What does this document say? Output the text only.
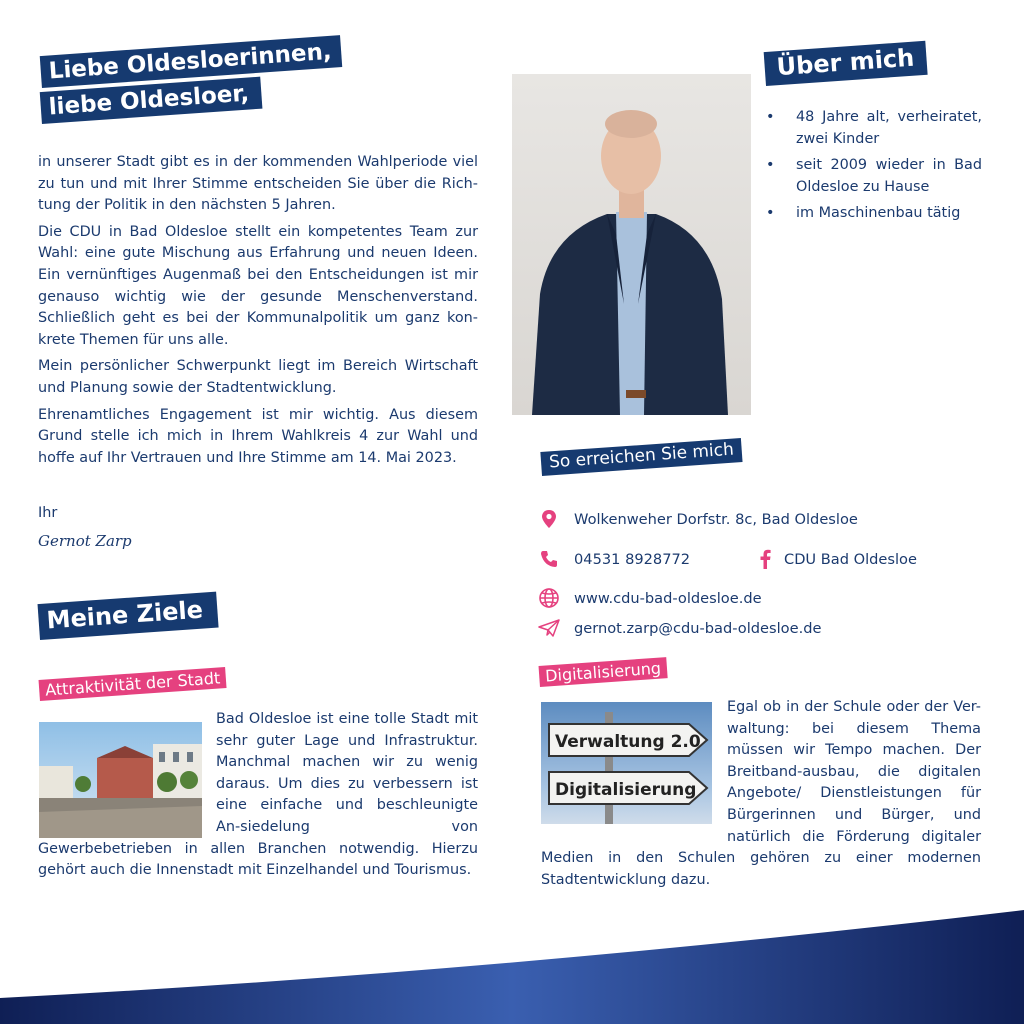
Liebe Oldesloerinnen,
liebe Oldesloer,

in unserer Stadt gibt es in der kommenden Wahlperiode viel zu tun und mit Ihrer Stimme entscheiden Sie über die Rich-tung der Politik in den nächsten 5 Jahren.

Die CDU in Bad Oldesloe stellt ein kompetentes Team zur Wahl: eine gute Mischung aus Erfahrung und neuen Ideen. Ein vernünftiges Augenmaß bei den Entscheidungen ist mir genauso wichtig wie der gesunde Menschenverstand. Schließlich geht es bei der Kommunalpolitik um ganz kon-krete Themen für uns alle.

Mein persönlicher Schwerpunkt liegt im Bereich Wirtschaft und Planung sowie der Stadtentwicklung.

Ehrenamtliches Engagement ist mir wichtig. Aus diesem Grund stelle ich mich in Ihrem Wahlkreis 4 zur Wahl und hoffe auf Ihr Vertrauen und Ihre Stimme am 14. Mai 2023.

Ihr
Gernot Zarp
Über mich
• 48 Jahre alt, verheiratet, zwei Kinder
• seit 2009 wieder in Bad Oldesloe zu Hause
• im Maschinenbau tätig
So erreichen Sie mich
Wolkenweher Dorfstr. 8c, Bad Oldesloe
04531 8928772	CDU Bad Oldesloe
www.cdu-bad-oldesloe.de
gernot.zarp@cdu-bad-oldesloe.de
Meine Ziele
Attraktivität der Stadt
Bad Oldesloe ist eine tolle Stadt mit sehr guter Lage und Infrastruktur. Manchmal machen wir zu wenig daraus. Um dies zu verbessern ist eine einfache und beschleunigte An-siedelung von Gewerbebetrieben in allen Branchen notwendig. Hierzu gehört auch die Innenstadt mit Einzelhandel und Tourismus.
Digitalisierung
Verwaltung 2.0
Digitalisierung
Egal ob in der Schule oder der Ver-waltung: bei diesem Thema müssen wir Tempo machen. Der Breitband-ausbau, die digitalen Angebote/ Dienstleistungen für Bürgerinnen und Bürger, und natürlich die Förderung digitaler Medien in den Schulen gehören zu einer modernen Stadtentwicklung dazu.
